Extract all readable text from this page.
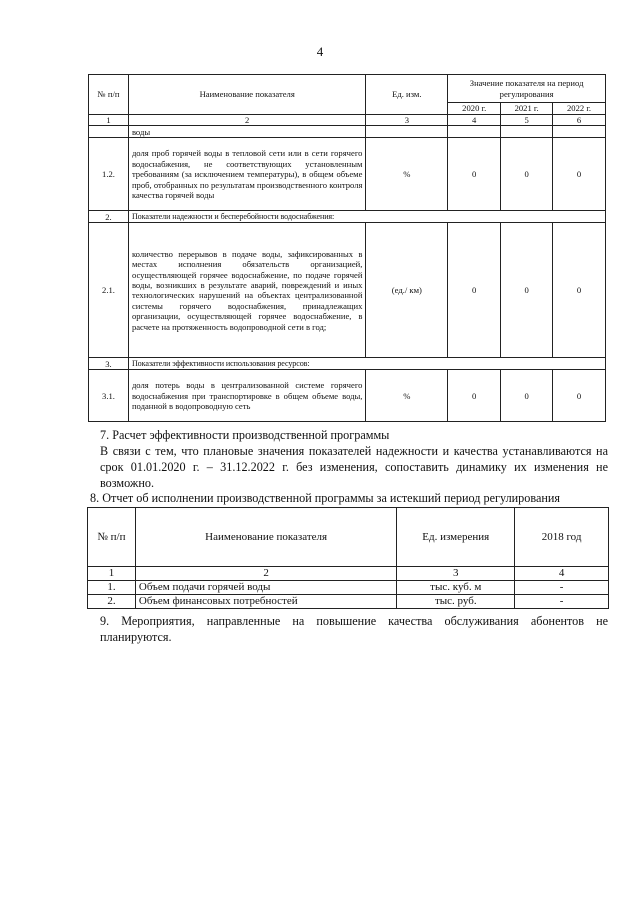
4
№ п/п	Наименование показателя	Ед. изм.	Значение показателя на период регулирования		
			2020 г.	2021 г.	2022 г.
1	2	3	4	5	6
	воды				
1.2.	доля проб горячей воды в тепловой сети или в сети горячего водоснабжения, не соответствующих установленным требованиям (за исключением температуры), в общем объеме проб, отобранных по результатам производственного контроля качества горячей воды	%	0	0	0
2.	Показатели надежности и бесперебойности водоснабжения:				
2.1.	количество перерывов в подаче воды, зафиксированных в местах исполнения обязательств организацией, осуществляющей горячее водоснабжение, по подаче горячей воды, возникших в результате аварий, повреждений и иных технологических нарушений на объектах централизованной системы горячего водоснабжения, принадлежащих организации, осуществляющей горячее водоснабжение, в расчете на протяженность водопроводной сети в год;	(ед./ км)	0	0	0
3.	Показатели эффективности использования ресурсов:				
3.1.	доля потерь воды в централизованной системе горячего водоснабжения при транспортировке в общем объеме воды, поданной в водопроводную сеть	%	0	0	0
7. Расчет эффективности производственной программы
В связи с тем, что плановые значения показателей надежности и качества устанавливаются на срок 01.01.2020 г. – 31.12.2022 г. без изменения, сопоставить динамику их изменения не возможно.
8. Отчет об исполнении производственной программы за истекший период регулирования
№ п/п	Наименование показателя	Ед. измерения	2018 год
1	2	3	4
1.	Объем подачи горячей воды	тыс. куб. м	-
2.	Объем финансовых потребностей	тыс. руб.	-
9. Мероприятия, направленные на повышение качества обслуживания абонентов не планируются.
